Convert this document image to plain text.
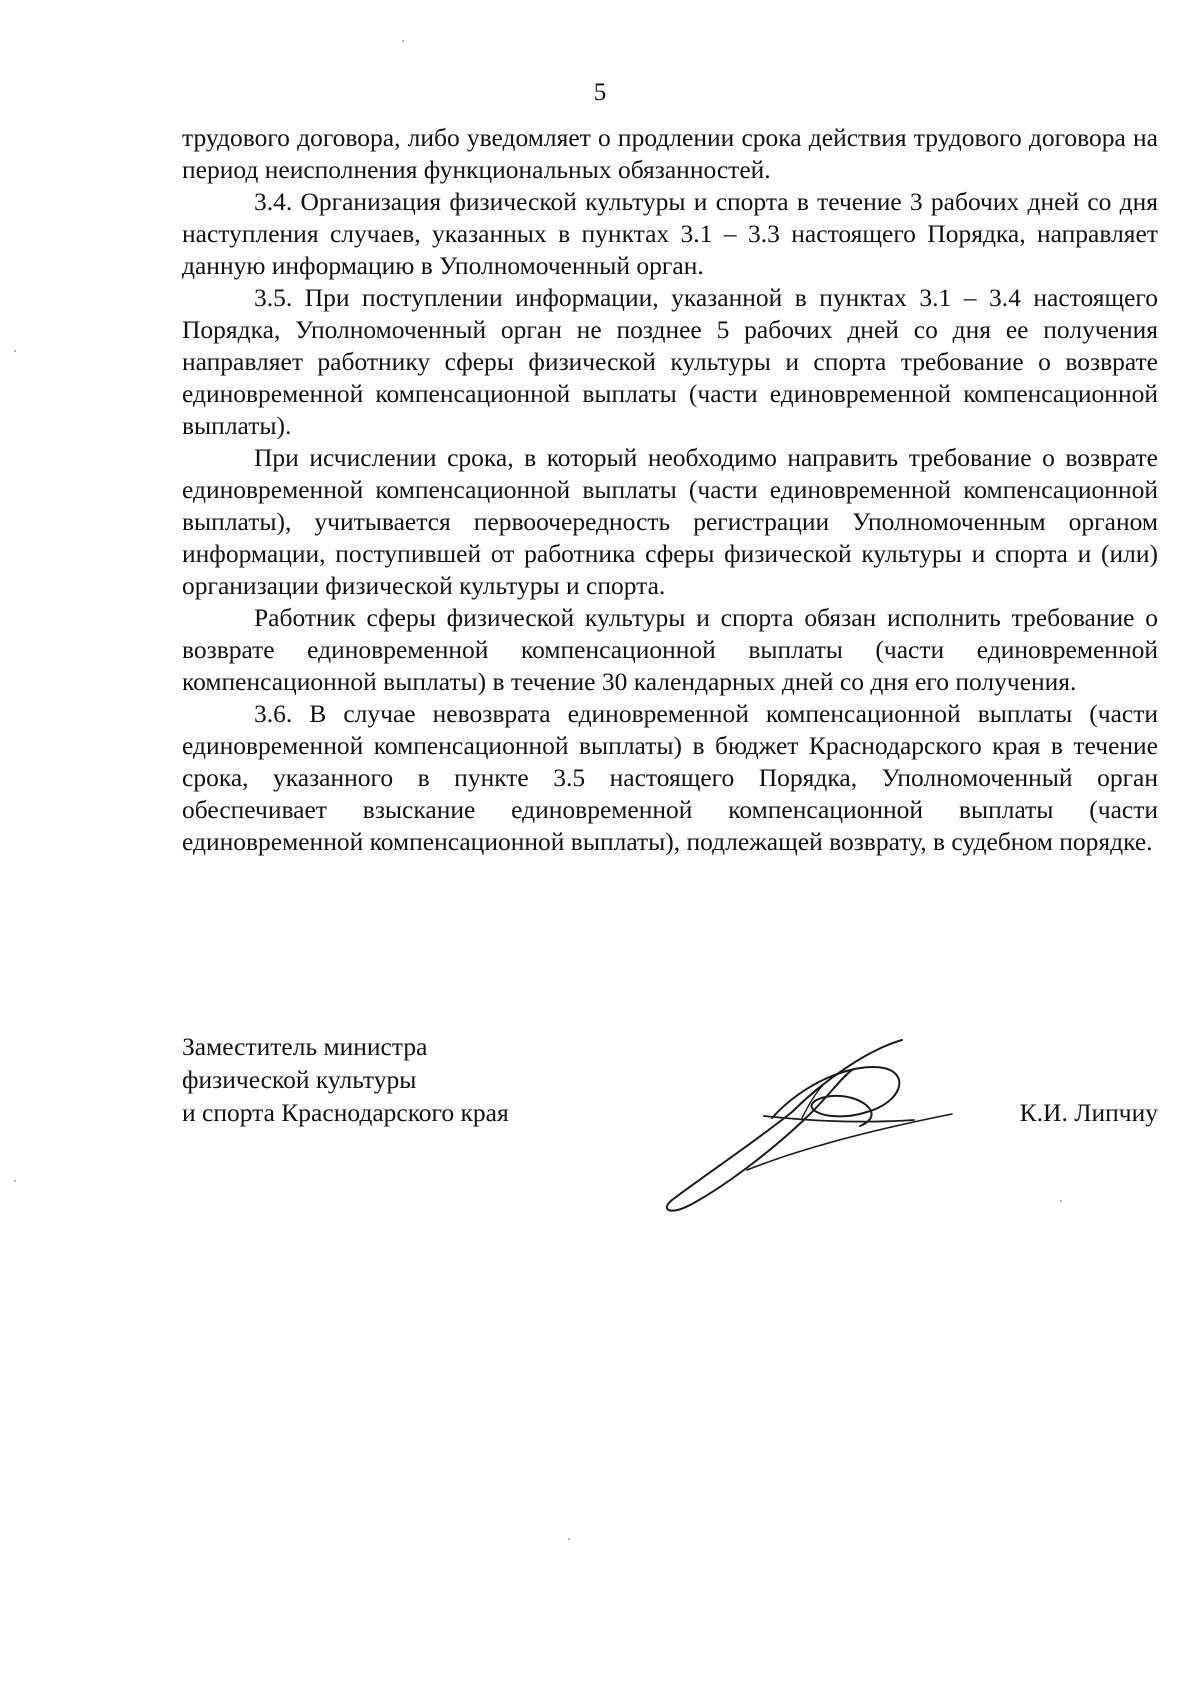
5

трудового договора, либо уведомляет о продлении срока действия трудового договора на период неисполнения функциональных обязанностей.

3.4. Организация физической культуры и спорта в течение 3 рабочих дней со дня наступления случаев, указанных в пунктах 3.1 – 3.3 настоящего Порядка, направляет данную информацию в Уполномоченный орган.

3.5. При поступлении информации, указанной в пунктах 3.1 – 3.4 настоящего Порядка, Уполномоченный орган не позднее 5 рабочих дней со дня ее получения направляет работнику сферы физической культуры и спорта требование о возврате единовременной компенсационной выплаты (части единовременной компенсационной выплаты).

При исчислении срока, в который необходимо направить требование о возврате единовременной компенсационной выплаты (части единовременной компенсационной выплаты), учитывается первоочередность регистрации Уполномоченным органом информации, поступившей от работника сферы физической культуры и спорта и (или) организации физической культуры и спорта.

Работник сферы физической культуры и спорта обязан исполнить требование о возврате единовременной компенсационной выплаты (части единовременной компенсационной выплаты) в течение 30 календарных дней со дня его получения.

3.6. В случае невозврата единовременной компенсационной выплаты (части единовременной компенсационной выплаты) в бюджет Краснодарского края в течение срока, указанного в пункте 3.5 настоящего Порядка, Уполномоченный орган обеспечивает взыскание единовременной компенсационной выплаты (части единовременной компенсационной выплаты), подлежащей возврату, в судебном порядке.

Заместитель министра
физической культуры
и спорта Краснодарского края	К.И. Липчиу
